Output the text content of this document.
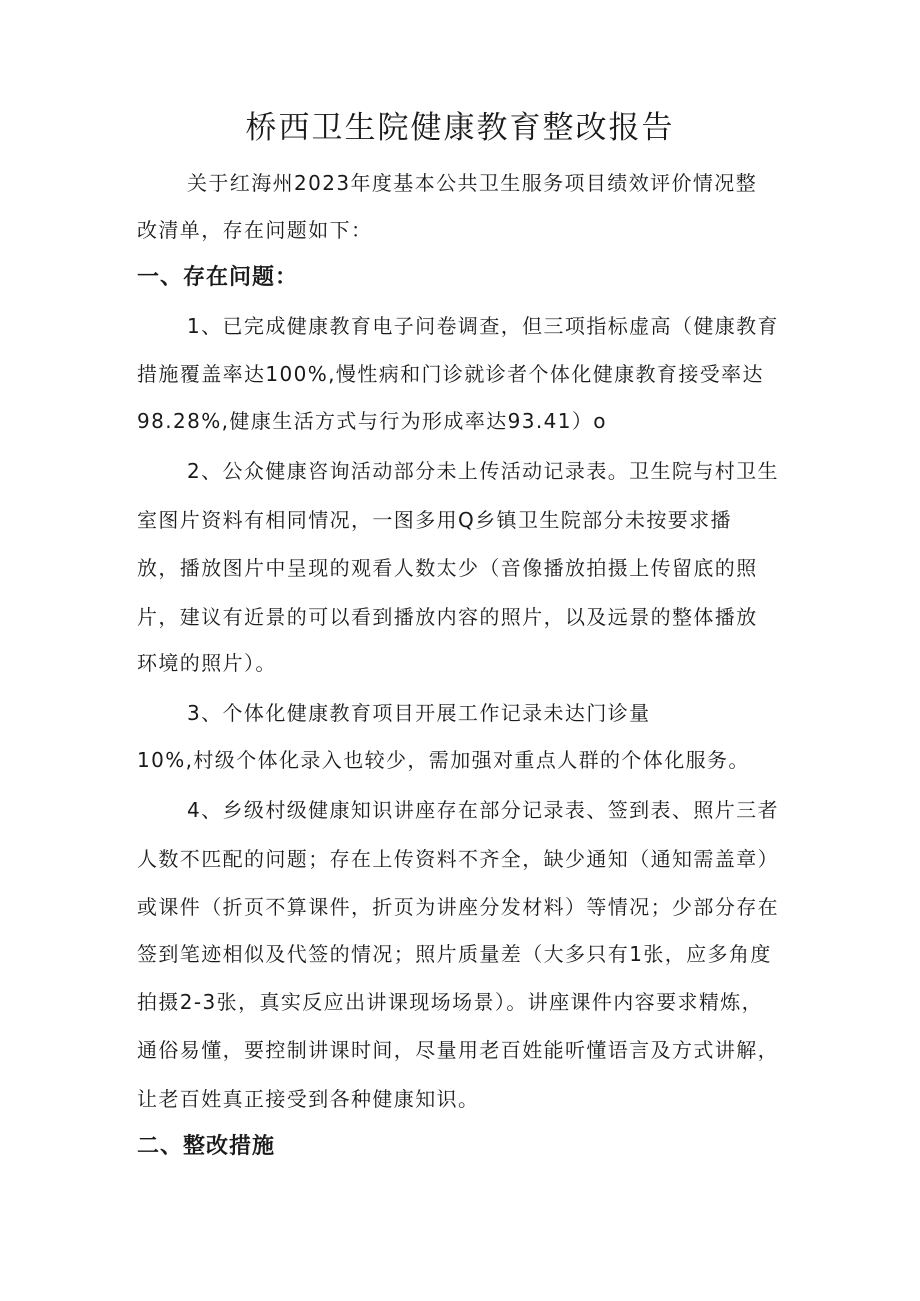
桥西卫生院健康教育整改报告
关于红海州2023年度基本公共卫生服务项目绩效评价情况整
改清单，存在问题如下：
一、存在问题：
1、已完成健康教育电子问卷调查，但三项指标虚高（健康教育
措施覆盖率达100%,慢性病和门诊就诊者个体化健康教育接受率达
98.28%,健康生活方式与行为形成率达93.41）o
2、公众健康咨询活动部分未上传活动记录表。卫生院与村卫生
室图片资料有相同情况，一图多用Q乡镇卫生院部分未按要求播
放，播放图片中呈现的观看人数太少（音像播放拍摄上传留底的照
片，建议有近景的可以看到播放内容的照片，以及远景的整体播放
环境的照片）。
3、个体化健康教育项目开展工作记录未达门诊量
10%,村级个体化录入也较少，需加强对重点人群的个体化服务。
4、乡级村级健康知识讲座存在部分记录表、签到表、照片三者
人数不匹配的问题；存在上传资料不齐全，缺少通知（通知需盖章）
或课件（折页不算课件，折页为讲座分发材料）等情况；少部分存在
签到笔迹相似及代签的情况；照片质量差（大多只有1张，应多角度
拍摄2-3张，真实反应出讲课现场场景）。讲座课件内容要求精炼，
通俗易懂，要控制讲课时间，尽量用老百姓能听懂语言及方式讲解，
让老百姓真正接受到各种健康知识。
二、整改措施
